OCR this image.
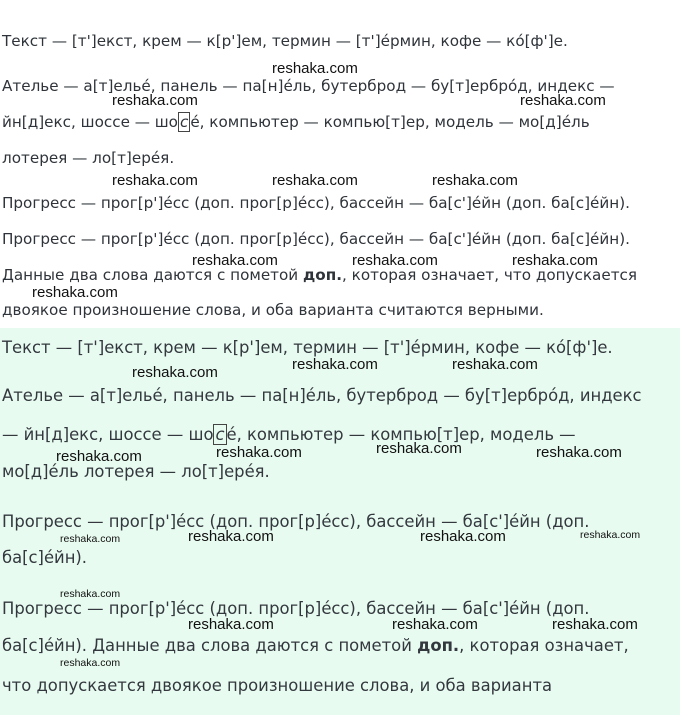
Текст — [т']екст, крем — к[р']ем, термин — [т']éрмин, кофе — кó[ф']е.
Ателье — а[т]ельé, панель — па[н]éль, бутерброд — бу[т]ербрóд, индекс —
йн[д]екс, шоссе — шо с é, компьютер — компью[т]ер, модель — мо[д]éль
лотерея — ло[т]ерéя.
Прогресс — прог[р']éсс (доп. прог[р]éсс), бассейн — ба[с']éйн (доп. ба[с]éйн).
Прогресс — прог[р']éсс (доп. прог[р]éсс), бассейн — ба[с']éйн (доп. ба[с]éйн).
Данные два слова даются с пометой доп., которая означает, что допускается
двоякое произношение слова, и оба варианта считаются верными.
reshaka.com
reshaka.com	reshaka.com
reshaka.com	reshaka.com	reshaka.com
reshaka.com	reshaka.com	reshaka.com
reshaka.com
Текст — [т']екст, крем — к[р']ем, термин — [т']éрмин, кофе — кó[ф']е.
Ателье — а[т]ельé, панель — па[н]éль, бутерброд — бу[т]ербрóд, индекс
— йн[д]екс, шоссе — шо с é, компьютер — компью[т]ер, модель —
мо[д]éль лотерея — ло[т]ерéя.
Прогресс — прог[р']éсс (доп. прог[р]éсс), бассейн — ба[с']éйн (доп.
ба[с]éйн).
Прогресс — прог[р']éсс (доп. прог[р]éсс), бассейн — ба[с']éйн (доп.
ба[с]éйн). Данные два слова даются с пометой доп., которая означает,
что допускается двоякое произношение слова, и оба варианта
reshaka.com	reshaka.com	reshaka.com
reshaka.com	reshaka.com	reshaka.com	reshaka.com
reshaka.com	reshaka.com	reshaka.com	reshaka.com
reshaka.com
reshaka.com	reshaka.com	reshaka.com
reshaka.com
